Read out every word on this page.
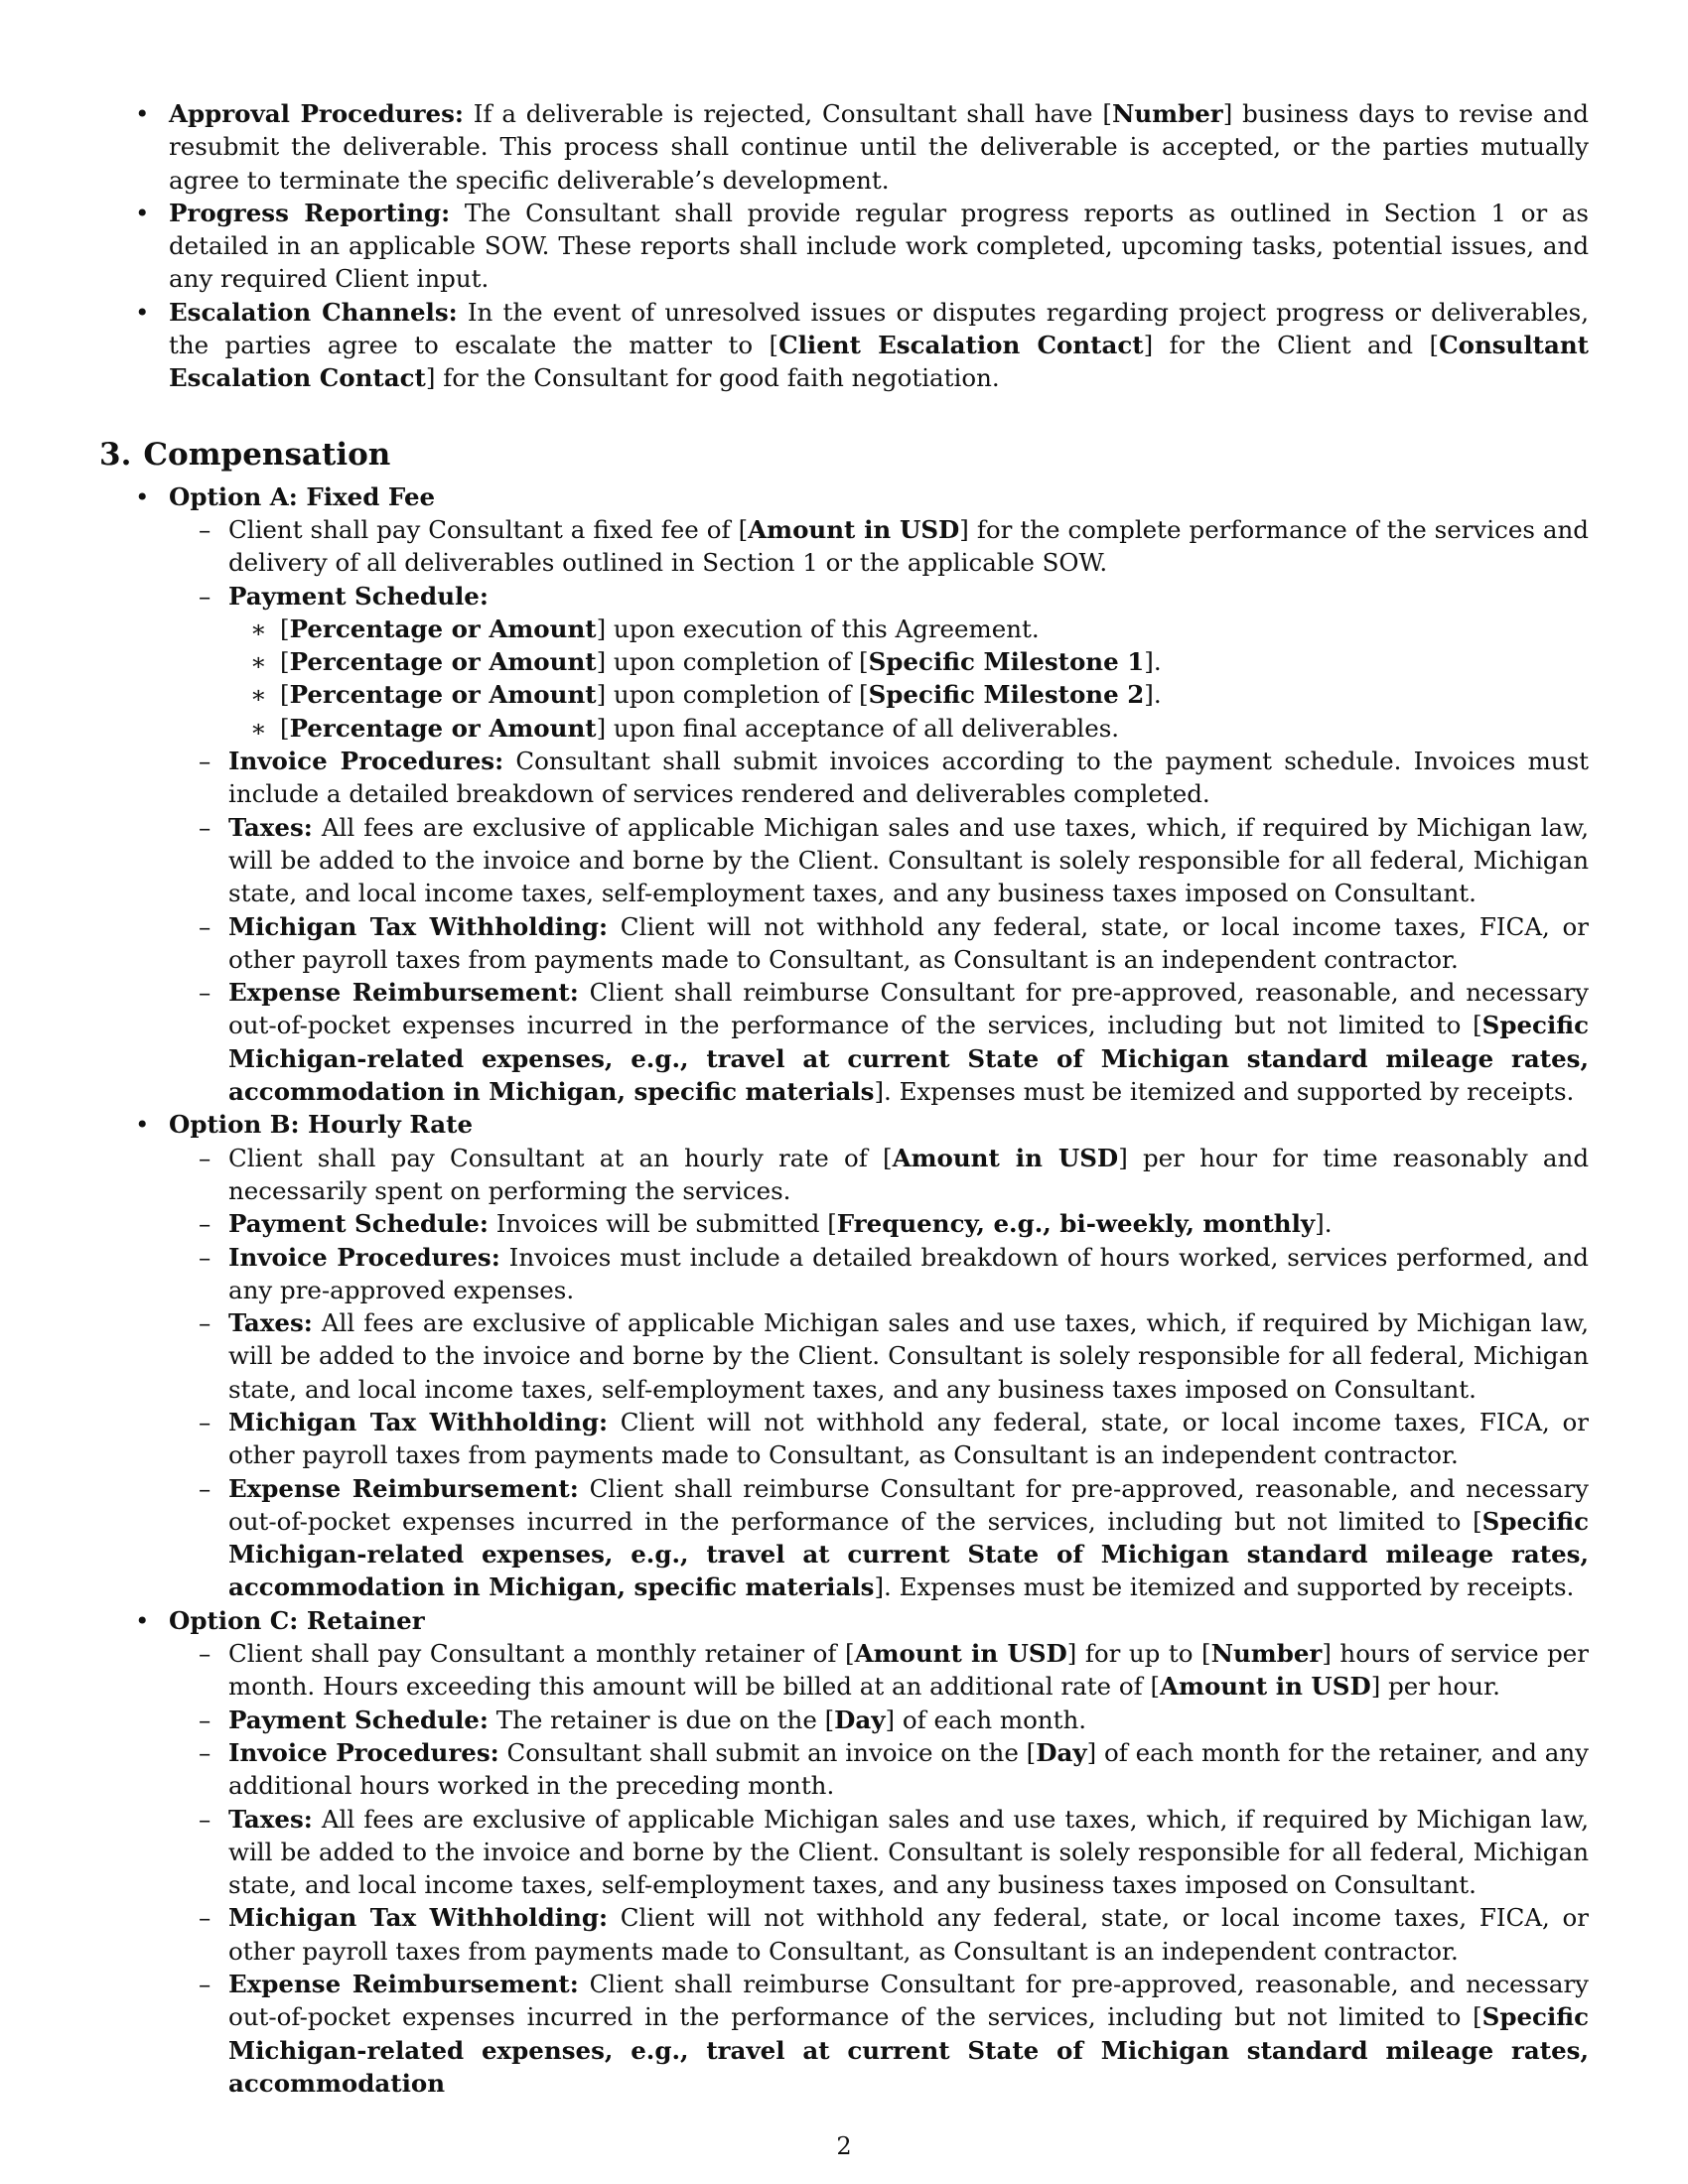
• Approval Procedures: If a deliverable is rejected, Consultant shall have [Number] business days to revise and resubmit the deliverable. This process shall continue until the deliverable is accepted, or the parties mutually agree to terminate the specific deliverable’s development.
• Progress Reporting: The Consultant shall provide regular progress reports as outlined in Section 1 or as detailed in an applicable SOW. These reports shall include work completed, upcoming tasks, potential issues, and any required Client input.
• Escalation Channels: In the event of unresolved issues or disputes regarding project progress or deliverables, the parties agree to escalate the matter to [Client Escalation Contact] for the Client and [Consultant Escalation Contact] for the Consultant for good faith negotiation.
3. Compensation
• Option A: Fixed Fee
– Client shall pay Consultant a fixed fee of [Amount in USD] for the complete performance of the services and delivery of all deliverables outlined in Section 1 or the applicable SOW.
– Payment Schedule:
∗ [Percentage or Amount] upon execution of this Agreement.
∗ [Percentage or Amount] upon completion of [Specific Milestone 1].
∗ [Percentage or Amount] upon completion of [Specific Milestone 2].
∗ [Percentage or Amount] upon final acceptance of all deliverables.
– Invoice Procedures: Consultant shall submit invoices according to the payment schedule. Invoices must include a detailed breakdown of services rendered and deliverables completed.
– Taxes: All fees are exclusive of applicable Michigan sales and use taxes, which, if required by Michigan law, will be added to the invoice and borne by the Client. Consultant is solely responsible for all federal, Michigan state, and local income taxes, self-employment taxes, and any business taxes imposed on Consultant.
– Michigan Tax Withholding: Client will not withhold any federal, state, or local income taxes, FICA, or other payroll taxes from payments made to Consultant, as Consultant is an independent contractor.
– Expense Reimbursement: Client shall reimburse Consultant for pre-approved, reasonable, and necessary out-of-pocket expenses incurred in the performance of the services, including but not limited to [Specific Michigan-related expenses, e.g., travel at current State of Michigan standard mileage rates, accommodation in Michigan, specific materials]. Expenses must be itemized and supported by receipts.
• Option B: Hourly Rate
– Client shall pay Consultant at an hourly rate of [Amount in USD] per hour for time reasonably and necessarily spent on performing the services.
– Payment Schedule: Invoices will be submitted [Frequency, e.g., bi-weekly, monthly].
– Invoice Procedures: Invoices must include a detailed breakdown of hours worked, services performed, and any pre-approved expenses.
– Taxes: All fees are exclusive of applicable Michigan sales and use taxes, which, if required by Michigan law, will be added to the invoice and borne by the Client. Consultant is solely responsible for all federal, Michigan state, and local income taxes, self-employment taxes, and any business taxes imposed on Consultant.
– Michigan Tax Withholding: Client will not withhold any federal, state, or local income taxes, FICA, or other payroll taxes from payments made to Consultant, as Consultant is an independent contractor.
– Expense Reimbursement: Client shall reimburse Consultant for pre-approved, reasonable, and necessary out-of-pocket expenses incurred in the performance of the services, including but not limited to [Specific Michigan-related expenses, e.g., travel at current State of Michigan standard mileage rates, accommodation in Michigan, specific materials]. Expenses must be itemized and supported by receipts.
• Option C: Retainer
– Client shall pay Consultant a monthly retainer of [Amount in USD] for up to [Number] hours of service per month. Hours exceeding this amount will be billed at an additional rate of [Amount in USD] per hour.
– Payment Schedule: The retainer is due on the [Day] of each month.
– Invoice Procedures: Consultant shall submit an invoice on the [Day] of each month for the retainer, and any additional hours worked in the preceding month.
– Taxes: All fees are exclusive of applicable Michigan sales and use taxes, which, if required by Michigan law, will be added to the invoice and borne by the Client. Consultant is solely responsible for all federal, Michigan state, and local income taxes, self-employment taxes, and any business taxes imposed on Consultant.
– Michigan Tax Withholding: Client will not withhold any federal, state, or local income taxes, FICA, or other payroll taxes from payments made to Consultant, as Consultant is an independent contractor.
– Expense Reimbursement: Client shall reimburse Consultant for pre-approved, reasonable, and necessary out-of-pocket expenses incurred in the performance of the services, including but not limited to [Specific Michigan-related expenses, e.g., travel at current State of Michigan standard mileage rates, accommodation
2
